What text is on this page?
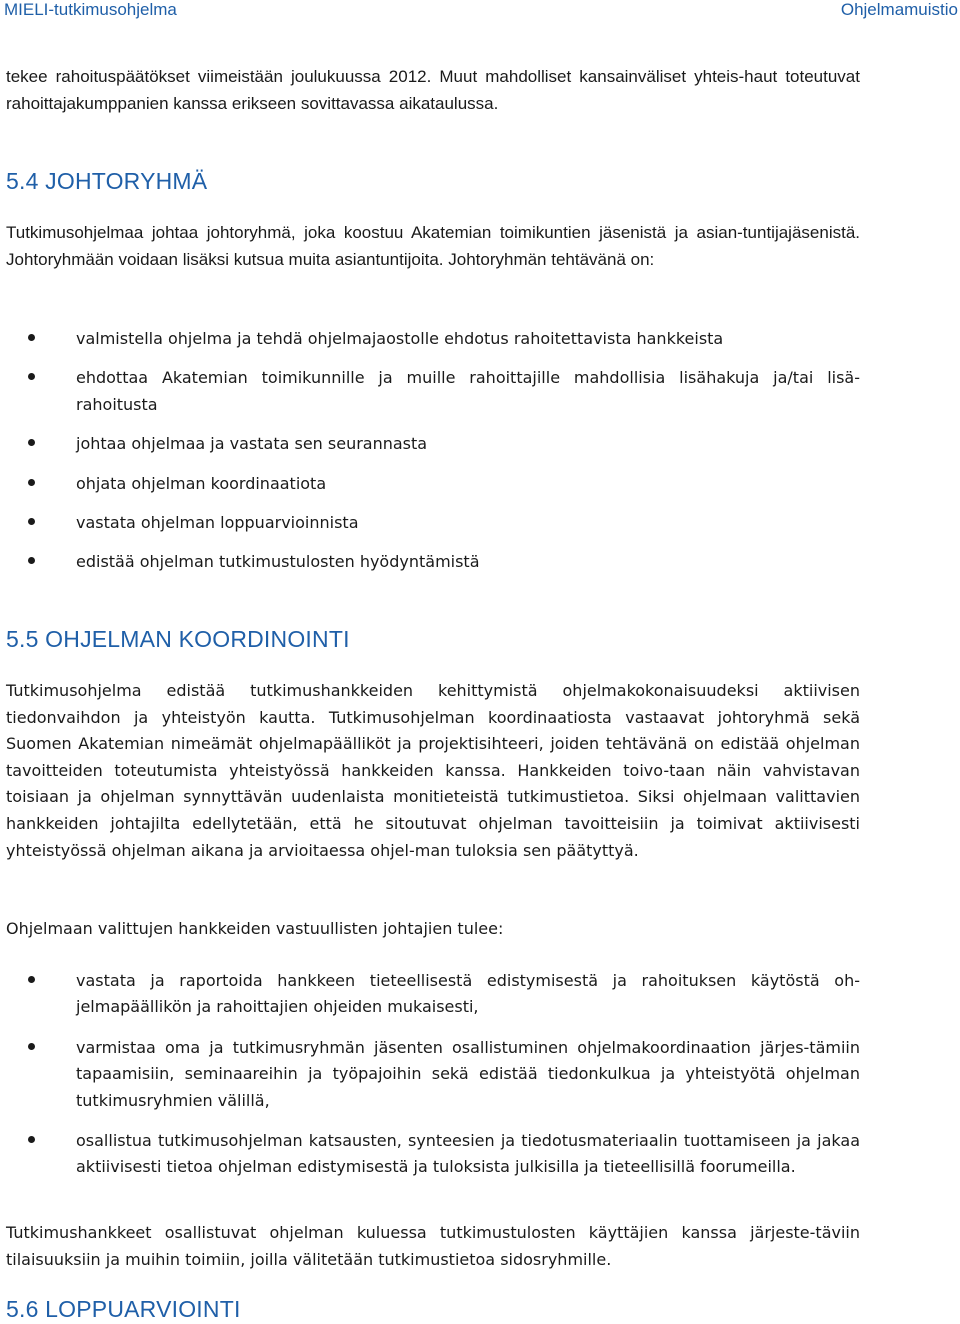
MIELI-tutkimusohjelma	Ohjelmamuistio

tekee rahoituspäätökset viimeistään joulukuussa 2012. Muut mahdolliset kansainväliset yhteis-haut toteutuvat rahoittajakumppanien kanssa erikseen sovittavassa aikataulussa.

5.4 JOHTORYHMÄ

Tutkimusohjelmaa johtaa johtoryhmä, joka koostuu Akatemian toimikuntien jäsenistä ja asian-tuntijajäsenistä. Johtoryhmään voidaan lisäksi kutsua muita asiantuntijoita. Johtoryhmän tehtävänä on:

valmistella ohjelma ja tehdä ohjelmajaostolle ehdotus rahoitettavista hankkeista
ehdottaa Akatemian toimikunnille ja muille rahoittajille mahdollisia lisähakuja ja/tai lisä-rahoitusta
johtaa ohjelmaa ja vastata sen seurannasta
ohjata ohjelman koordinaatiota
vastata ohjelman loppuarvioinnista
edistää ohjelman tutkimustulosten hyödyntämistä
5.5 OHJELMAN KOORDINOINTI

Tutkimusohjelma edistää tutkimushankkeiden kehittymistä ohjelmakokonaisuudeksi aktiivisen tiedonvaihdon ja yhteistyön kautta. Tutkimusohjelman koordinaatiosta vastaavat johtoryhmä sekä Suomen Akatemian nimeämät ohjelmapäälliköt ja projektisihteeri, joiden tehtävänä on edistää ohjelman tavoitteiden toteutumista yhteistyössä hankkeiden kanssa. Hankkeiden toivo-taan näin vahvistavan toisiaan ja ohjelman synnyttävän uudenlaista monitieteistä tutkimustietoa. Siksi ohjelmaan valittavien hankkeiden johtajilta edellytetään, että he sitoutuvat ohjelman tavoitteisiin ja toimivat aktiivisesti yhteistyössä ohjelman aikana ja arvioitaessa ohjel-man tuloksia sen päätyttyä.

Ohjelmaan valittujen hankkeiden vastuullisten johtajien tulee:

vastata ja raportoida hankkeen tieteellisestä edistymisestä ja rahoituksen käytöstä oh-jelmapäällikön ja rahoittajien ohjeiden mukaisesti,
varmistaa oma ja tutkimusryhmän jäsenten osallistuminen ohjelmakoordinaation järjes-tämiin tapaamisiin, seminaareihin ja työpajoihin sekä edistää tiedonkulkua ja yhteistyötä ohjelman tutkimusryhmien välillä,
osallistua tutkimusohjelman katsausten, synteesien ja tiedotusmateriaalin tuottamiseen ja jakaa aktiivisesti tietoa ohjelman edistymisestä ja tuloksista julkisilla ja tieteellisillä foorumeilla.

Tutkimushankkeet osallistuvat ohjelman kuluessa tutkimustulosten käyttäjien kanssa järjeste-täviin tilaisuuksiin ja muihin toimiin, joilla välitetään tutkimustietoa sidosryhmille.

5.6 LOPPUARVIOINTI
